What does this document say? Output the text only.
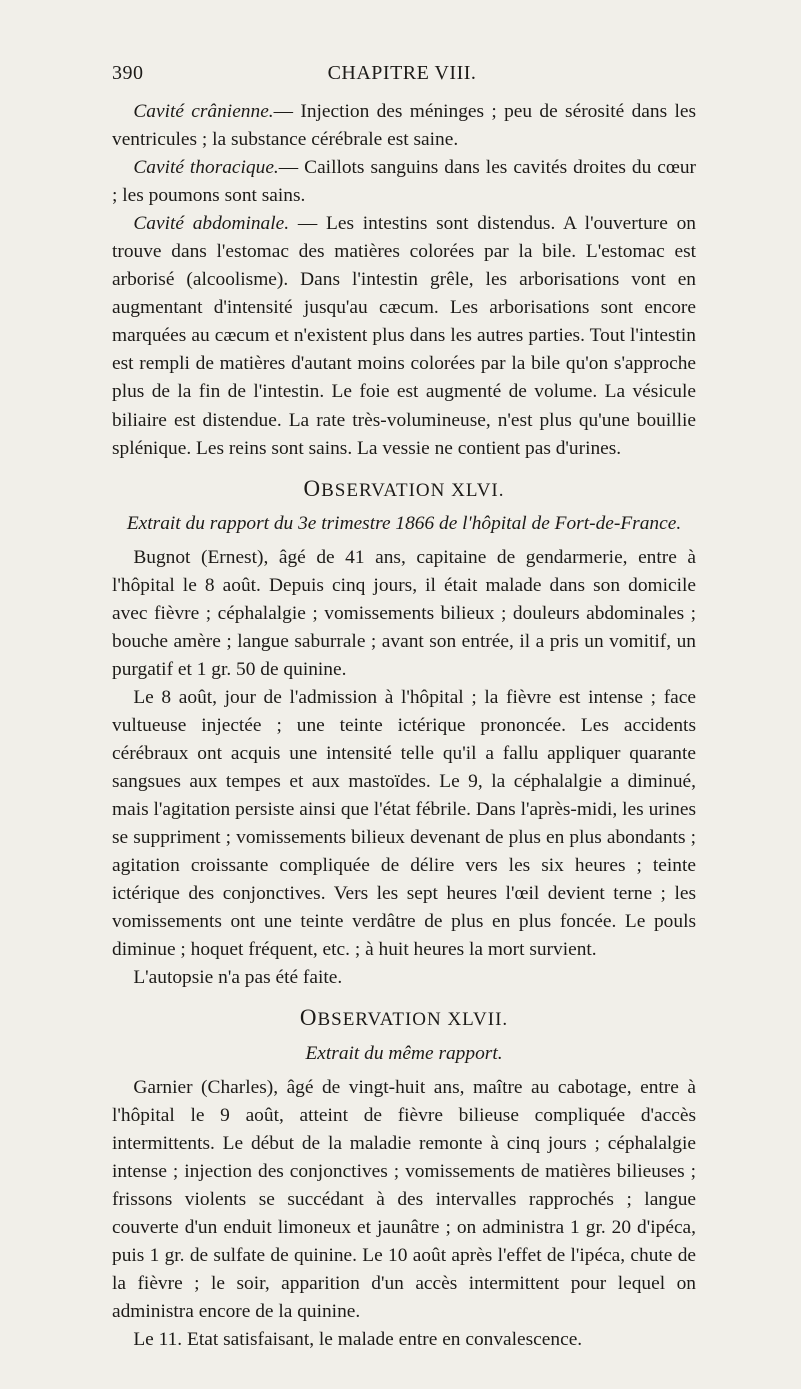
390	CHAPITRE VIII.

Cavité crânienne.— Injection des méninges ; peu de sérosité dans les ventricules ; la substance cérébrale est saine.

Cavité thoracique.— Caillots sanguins dans les cavités droites du cœur ; les poumons sont sains.

Cavité abdominale. — Les intestins sont distendus. A l'ouverture on trouve dans l'estomac des matières colorées par la bile. L'estomac est arborisé (alcoolisme). Dans l'intestin grêle, les arborisations vont en augmentant d'intensité jusqu'au cæcum. Les arborisations sont encore marquées au cæcum et n'existent plus dans les autres parties. Tout l'intestin est rempli de matières d'autant moins colorées par la bile qu'on s'approche plus de la fin de l'intestin. Le foie est augmenté de volume. La vésicule biliaire est distendue. La rate très-volumineuse, n'est plus qu'une bouillie splénique. Les reins sont sains. La vessie ne contient pas d'urines.

OBSERVATION XLVI.
Extrait du rapport du 3e trimestre 1866 de l'hôpital de Fort-de-France.

Bugnot (Ernest), âgé de 41 ans, capitaine de gendarmerie, entre à l'hôpital le 8 août. Depuis cinq jours, il était malade dans son domicile avec fièvre ; céphalalgie ; vomissements bilieux ; douleurs abdominales ; bouche amère ; langue saburrale ; avant son entrée, il a pris un vomitif, un purgatif et 1 gr. 50 de quinine.

Le 8 août, jour de l'admission à l'hôpital ; la fièvre est intense ; face vultueuse injectée ; une teinte ictérique prononcée. Les accidents cérébraux ont acquis une intensité telle qu'il a fallu appliquer quarante sangsues aux tempes et aux mastoïdes. Le 9, la céphalalgie a diminué, mais l'agitation persiste ainsi que l'état fébrile. Dans l'après-midi, les urines se suppriment ; vomissements bilieux devenant de plus en plus abondants ; agitation croissante compliquée de délire vers les six heures ; teinte ictérique des conjonctives. Vers les sept heures l'œil devient terne ; les vomissements ont une teinte verdâtre de plus en plus foncée. Le pouls diminue ; hoquet fréquent, etc. ; à huit heures la mort survient.

L'autopsie n'a pas été faite.

OBSERVATION XLVII.
Extrait du même rapport.

Garnier (Charles), âgé de vingt-huit ans, maître au cabotage, entre à l'hôpital le 9 août, atteint de fièvre bilieuse compliquée d'accès intermittents. Le début de la maladie remonte à cinq jours ; céphalalgie intense ; injection des conjonctives ; vomissements de matières bilieuses ; frissons violents se succédant à des intervalles rapprochés ; langue couverte d'un enduit limoneux et jaunâtre ; on administra 1 gr. 20 d'ipéca, puis 1 gr. de sulfate de quinine. Le 10 août après l'effet de l'ipéca, chute de la fièvre ; le soir, apparition d'un accès intermittent pour lequel on administra encore de la quinine.

Le 11. Etat satisfaisant, le malade entre en convalescence.
